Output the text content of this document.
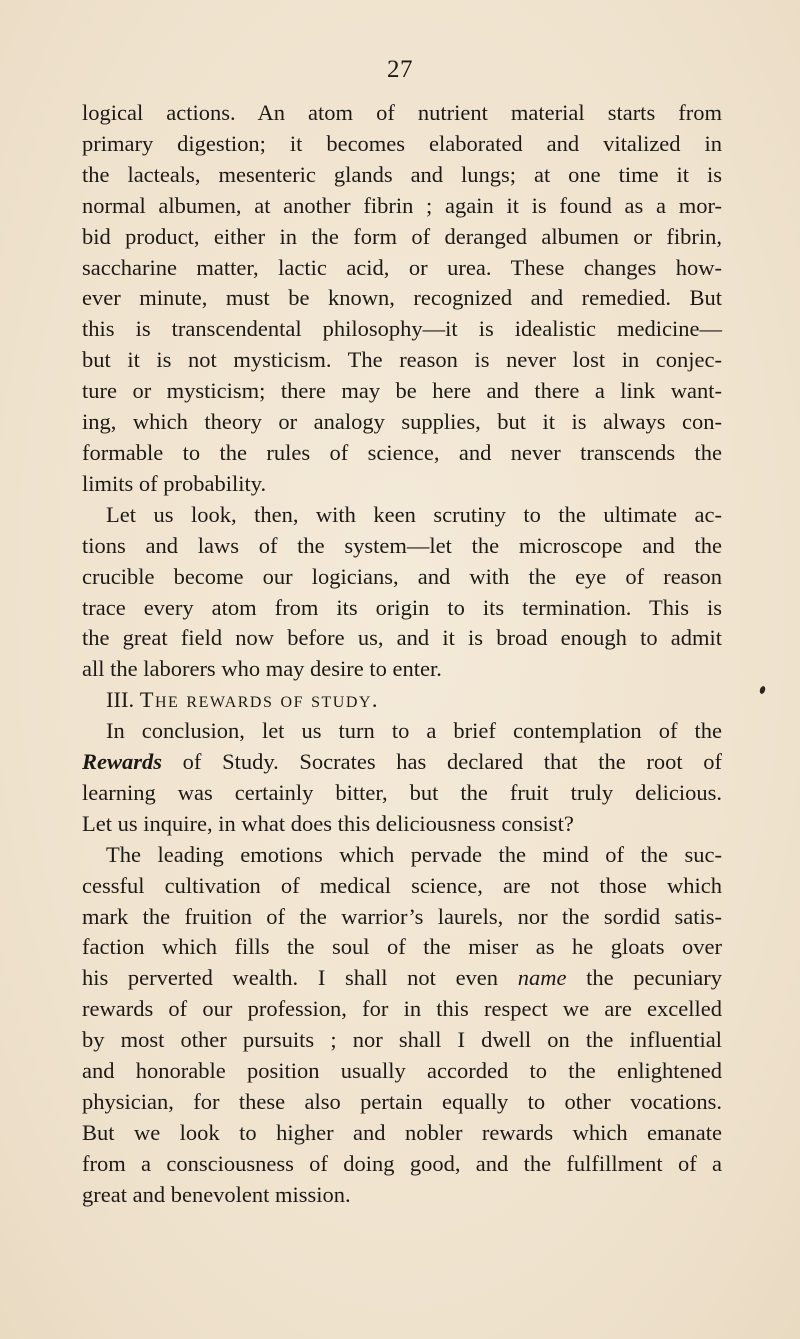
27
logical actions. An atom of nutrient material starts from
primary digestion; it becomes elaborated and vitalized in
the lacteals, mesenteric glands and lungs; at one time it is
normal albumen, at another fibrin ; again it is found as a mor-
bid product, either in the form of deranged albumen or fibrin,
saccharine matter, lactic acid, or urea. These changes how-
ever minute, must be known, recognized and remedied. But
this is transcendental philosophy—it is idealistic medicine—
but it is not mysticism. The reason is never lost in conjec-
ture or mysticism; there may be here and there a link want-
ing, which theory or analogy supplies, but it is always con-
formable to the rules of science, and never transcends the
limits of probability.
Let us look, then, with keen scrutiny to the ultimate ac-
tions and laws of the system—let the microscope and the
crucible become our logicians, and with the eye of reason
trace every atom from its origin to its termination. This is
the great field now before us, and it is broad enough to admit
all the laborers who may desire to enter.
III. The rewards of study.
In conclusion, let us turn to a brief contemplation of the
Rewards of Study. Socrates has declared that the root of
learning was certainly bitter, but the fruit truly delicious.
Let us inquire, in what does this deliciousness consist?
The leading emotions which pervade the mind of the suc-
cessful cultivation of medical science, are not those which
mark the fruition of the warrior’s laurels, nor the sordid satis-
faction which fills the soul of the miser as he gloats over
his perverted wealth. I shall not even name the pecuniary
rewards of our profession, for in this respect we are excelled
by most other pursuits ; nor shall I dwell on the influential
and honorable position usually accorded to the enlightened
physician, for these also pertain equally to other vocations.
But we look to higher and nobler rewards which emanate
from a consciousness of doing good, and the fulfillment of a
great and benevolent mission.
